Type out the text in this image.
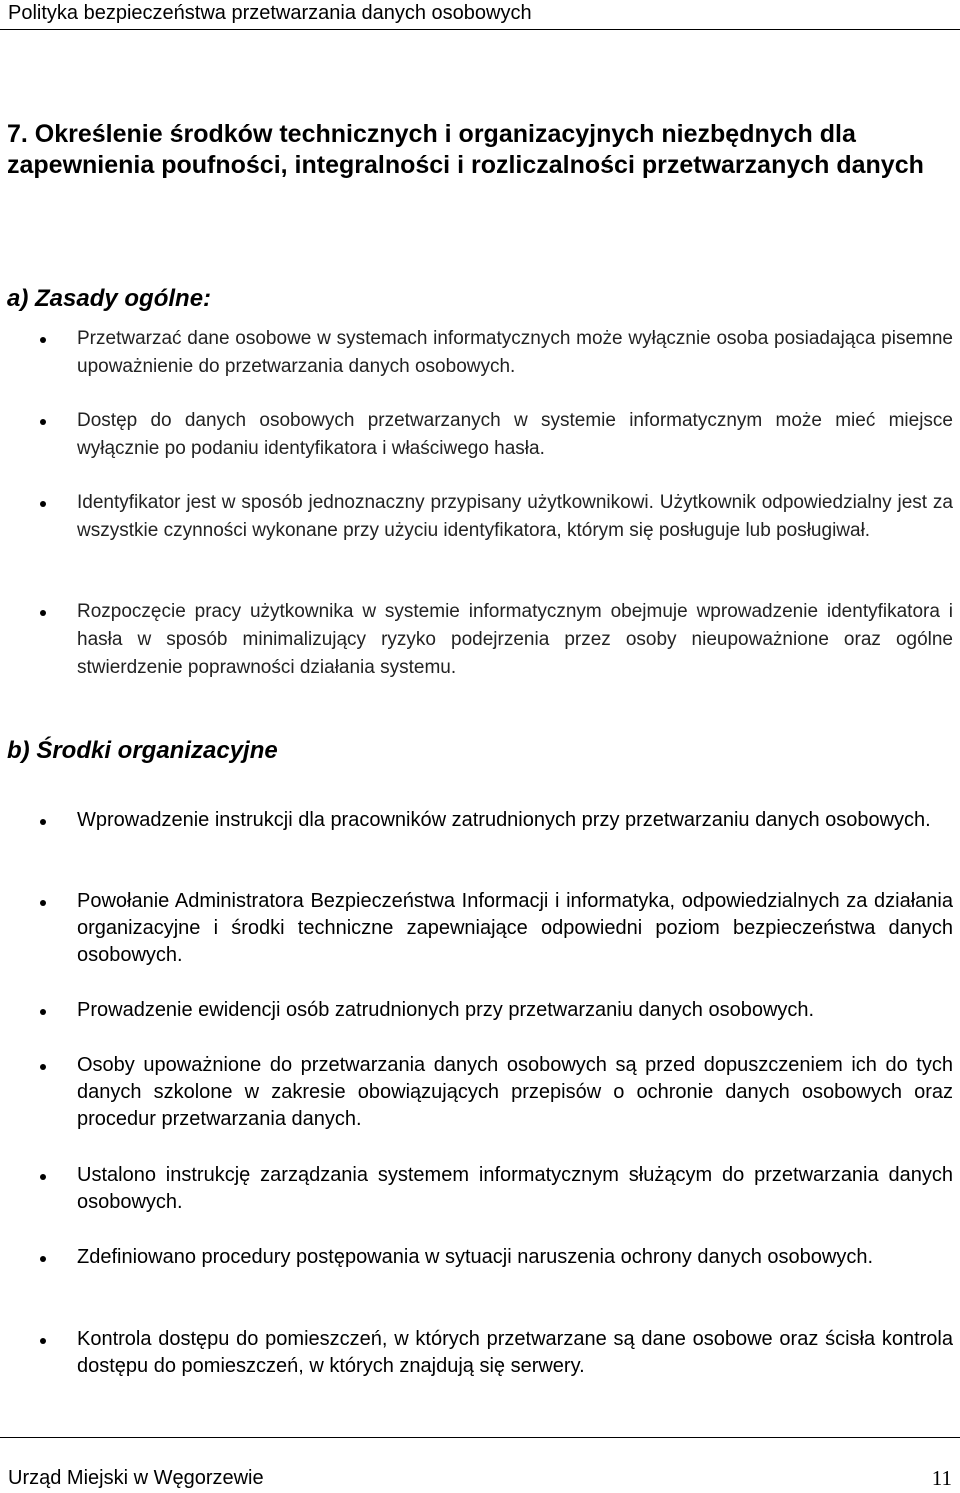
Polityka bezpieczeństwa przetwarzania danych osobowych
7. Określenie środków technicznych i organizacyjnych niezbędnych dla zapewnienia poufności, integralności i rozliczalności przetwarzanych danych
a) Zasady ogólne:
Przetwarzać dane osobowe w systemach informatycznych może wyłącznie osoba posiadająca pisemne upoważnienie do przetwarzania danych osobowych.
Dostęp do danych osobowych przetwarzanych w systemie informatycznym może mieć miejsce wyłącznie po podaniu identyfikatora i właściwego hasła.
Identyfikator jest w sposób jednoznaczny przypisany użytkownikowi. Użytkownik odpowiedzialny jest za wszystkie czynności wykonane przy użyciu identyfikatora, którym się posługuje lub posługiwał.
Rozpoczęcie pracy użytkownika w systemie informatycznym obejmuje wprowadzenie identyfikatora i hasła w sposób minimalizujący ryzyko podejrzenia przez osoby nieupoważnione oraz ogólne stwierdzenie poprawności działania systemu.
b) Środki organizacyjne
Wprowadzenie instrukcji dla pracowników zatrudnionych przy przetwarzaniu danych osobowych.
Powołanie Administratora Bezpieczeństwa Informacji i informatyka, odpowiedzialnych za działania organizacyjne i środki techniczne zapewniające odpowiedni poziom bezpieczeństwa danych osobowych.
Prowadzenie ewidencji osób zatrudnionych przy przetwarzaniu danych osobowych.
Osoby upoważnione do przetwarzania danych osobowych są przed dopuszczeniem ich do tych danych szkolone w zakresie obowiązujących przepisów o ochronie danych osobowych oraz procedur przetwarzania danych.
Ustalono instrukcję zarządzania systemem informatycznym służącym do przetwarzania danych osobowych.
Zdefiniowano procedury postępowania w sytuacji naruszenia ochrony danych osobowych.
Kontrola dostępu do pomieszczeń, w których przetwarzane są dane osobowe oraz ścisła kontrola dostępu do pomieszczeń, w których znajdują się serwery.
Urząd Miejski w Węgorzewie	11
